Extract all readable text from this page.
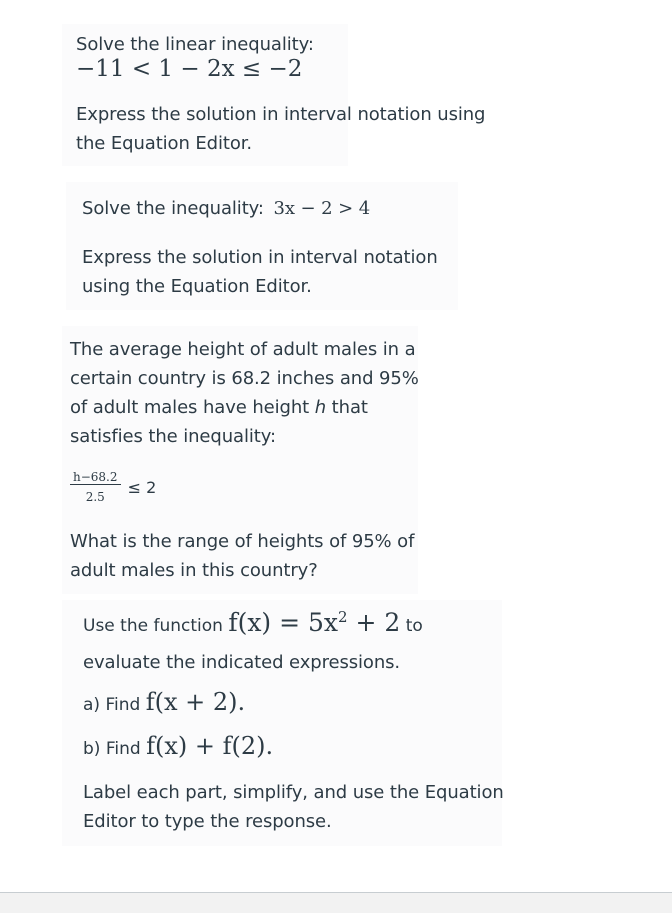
Solve the linear inequality:
−11 < 1 − 2x ≤ −2
Express the solution in interval notation using
the Equation Editor.
Solve the inequality: 3x − 2 > 4
Express the solution in interval notation
using the Equation Editor.
The average height of adult males in a
certain country is 68.2 inches and 95%
of adult males have height h that
satisfies the inequality:
$\frac{h-68.2}{2.5} \le 2$
What is the range of heights of 95% of
adult males in this country?
Use the function $f(x) = 5x^2 + 2$ to
evaluate the indicated expressions.
a) Find f(x + 2).
b) Find f(x) + f(2).
Label each part, simplify, and use the Equation
Editor to type the response.
